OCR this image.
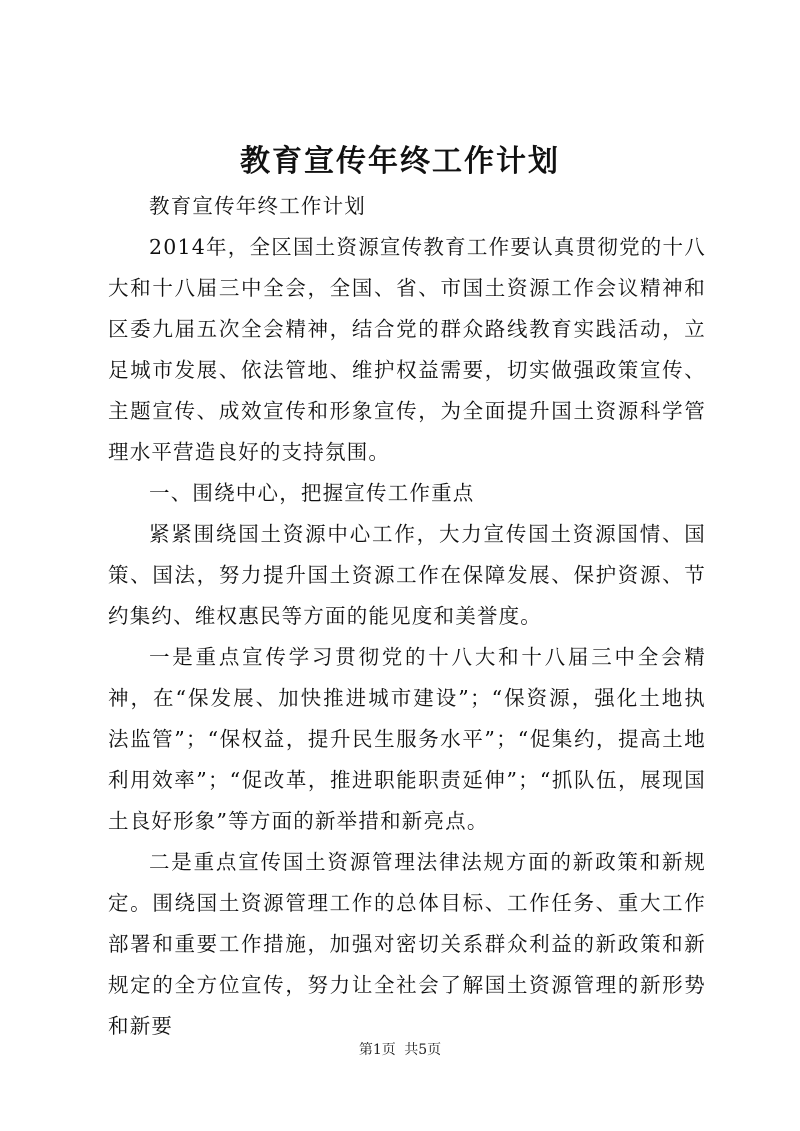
教育宣传年终工作计划

教育宣传年终工作计划

2014年，全区国土资源宣传教育工作要认真贯彻党的十八大和十八届三中全会，全国、省、市国土资源工作会议精神和区委九届五次全会精神，结合党的群众路线教育实践活动，立足城市发展、依法管地、维护权益需要，切实做强政策宣传、主题宣传、成效宣传和形象宣传，为全面提升国土资源科学管理水平营造良好的支持氛围。

一、围绕中心，把握宣传工作重点

紧紧围绕国土资源中心工作，大力宣传国土资源国情、国策、国法，努力提升国土资源工作在保障发展、保护资源、节约集约、维权惠民等方面的能见度和美誉度。

一是重点宣传学习贯彻党的十八大和十八届三中全会精神，在“保发展、加快推进城市建设”；“保资源，强化土地执法监管”；“保权益，提升民生服务水平”；“促集约，提高土地利用效率”；“促改革，推进职能职责延伸”；“抓队伍，展现国土良好形象”等方面的新举措和新亮点。

二是重点宣传国土资源管理法律法规方面的新政策和新规定。围绕国土资源管理工作的总体目标、工作任务、重大工作部署和重要工作措施，加强对密切关系群众利益的新政策和新规定的全方位宣传，努力让全社会了解国土资源管理的新形势和新要

第1页 共5页
